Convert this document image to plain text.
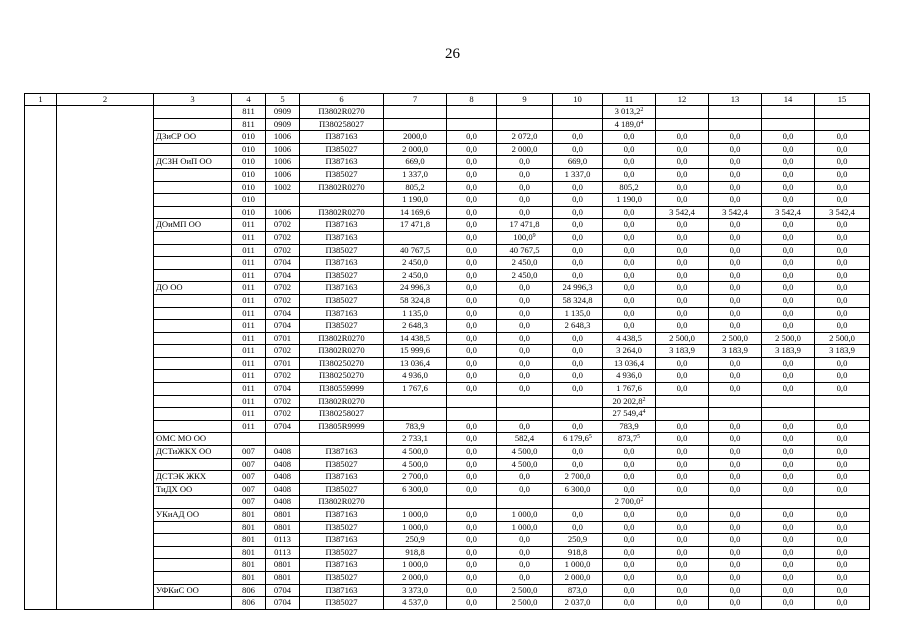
26
1	2	3	4	5	6	7	8	9	10	11	12	13	14	15
			811	0909	П3802R0270					3 013,2$^2$				
			811	0909	П380258027					4 189,0$^4$				
		ДЗиСР ОО	010	1006	П387163	2000,0	0,0	2 072,0	0,0	0,0	0,0	0,0	0,0	0,0
			010	1006	П385027	2 000,0	0,0	2 000,0	0,0	0,0	0,0	0,0	0,0	0,0
		ДСЗН ОиП ОО	010	1006	П387163	669,0	0,0	0,0	669,0	0,0	0,0	0,0	0,0	0,0
			010	1006	П385027	1 337,0	0,0	0,0	1 337,0	0,0	0,0	0,0	0,0	0,0
			010	1002	П3802R0270	805,2	0,0	0,0	0,0	805,2	0,0	0,0	0,0	0,0
			010			1 190,0	0,0	0,0	0,0	1 190,0	0,0	0,0	0,0	0,0
			010	1006	П3802R0270	14 169,6	0,0	0,0	0,0	0,0	3 542,4	3 542,4	3 542,4	3 542,4
		ДОиМП ОО	011	0702	П387163	17 471,8	0,0	17 471,8	0,0	0,0	0,0	0,0	0,0	0,0
			011	0702	П387163		0,0	100,0$^9$	0,0	0,0	0,0	0,0	0,0	0,0
			011	0702	П385027	40 767,5	0,0	40 767,5	0,0	0,0	0,0	0,0	0,0	0,0
			011	0704	П387163	2 450,0	0,0	2 450,0	0,0	0,0	0,0	0,0	0,0	0,0
			011	0704	П385027	2 450,0	0,0	2 450,0	0,0	0,0	0,0	0,0	0,0	0,0
		ДО ОО	011	0702	П387163	24 996,3	0,0	0,0	24 996,3	0,0	0,0	0,0	0,0	0,0
			011	0702	П385027	58 324,8	0,0	0,0	58 324,8	0,0	0,0	0,0	0,0	0,0
			011	0704	П387163	1 135,0	0,0	0,0	1 135,0	0,0	0,0	0,0	0,0	0,0
			011	0704	П385027	2 648,3	0,0	0,0	2 648,3	0,0	0,0	0,0	0,0	0,0
			011	0701	П3802R0270	14 438,5	0,0	0,0	0,0	4 438,5	2 500,0	2 500,0	2 500,0	2 500,0
			011	0702	П3802R0270	15 999,6	0,0	0,0	0,0	3 264,0	3 183,9	3 183,9	3 183,9	3 183,9
			011	0701	П380250270	13 036,4	0,0	0,0	0,0	13 036,4	0,0	0,0	0,0	0,0
			011	0702	П380250270	4 936,0	0,0	0,0	0,0	4 936,0	0,0	0,0	0,0	0,0
			011	0704	П380559999	1 767,6	0,0	0,0	0,0	1 767,6	0,0	0,0	0,0	0,0
			011	0702	П3802R0270					20 202,8$^2$				
			011	0702	П380258027					27 549,4$^4$				
			011	0704	П3805R9999	783,9	0,0	0,0	0,0	783,9	0,0	0,0	0,0	0,0
		ОМС МО ОО				2 733,1	0,0	582,4	6 179,6$^5$	873,7$^5$	0,0	0,0	0,0	0,0
		ДСТиЖКХ ОО	007	0408	П387163	4 500,0	0,0	4 500,0	0,0	0,0	0,0	0,0	0,0	0,0
			007	0408	П385027	4 500,0	0,0	4 500,0	0,0	0,0	0,0	0,0	0,0	0,0
		ДСТЭК ЖКХ	007	0408	П387163	2 700,0	0,0	0,0	2 700,0	0,0	0,0	0,0	0,0	0,0
		ТиДХ ОО	007	0408	П385027	6 300,0	0,0	0,0	6 300,0	0,0	0,0	0,0	0,0	0,0
			007	0408	П3802R0270					2 700,0$^2$				
		УКиАД ОО	801	0801	П387163	1 000,0	0,0	1 000,0	0,0	0,0	0,0	0,0	0,0	0,0
			801	0801	П385027	1 000,0	0,0	1 000,0	0,0	0,0	0,0	0,0	0,0	0,0
			801	0113	П387163	250,9	0,0	0,0	250,9	0,0	0,0	0,0	0,0	0,0
			801	0113	П385027	918,8	0,0	0,0	918,8	0,0	0,0	0,0	0,0	0,0
			801	0801	П387163	1 000,0	0,0	0,0	1 000,0	0,0	0,0	0,0	0,0	0,0
			801	0801	П385027	2 000,0	0,0	0,0	2 000,0	0,0	0,0	0,0	0,0	0,0
		УФКиС ОО	806	0704	П387163	3 373,0	0,0	2 500,0	873,0	0,0	0,0	0,0	0,0	0,0
			806	0704	П385027	4 537,0	0,0	2 500,0	2 037,0	0,0	0,0	0,0	0,0	0,0
